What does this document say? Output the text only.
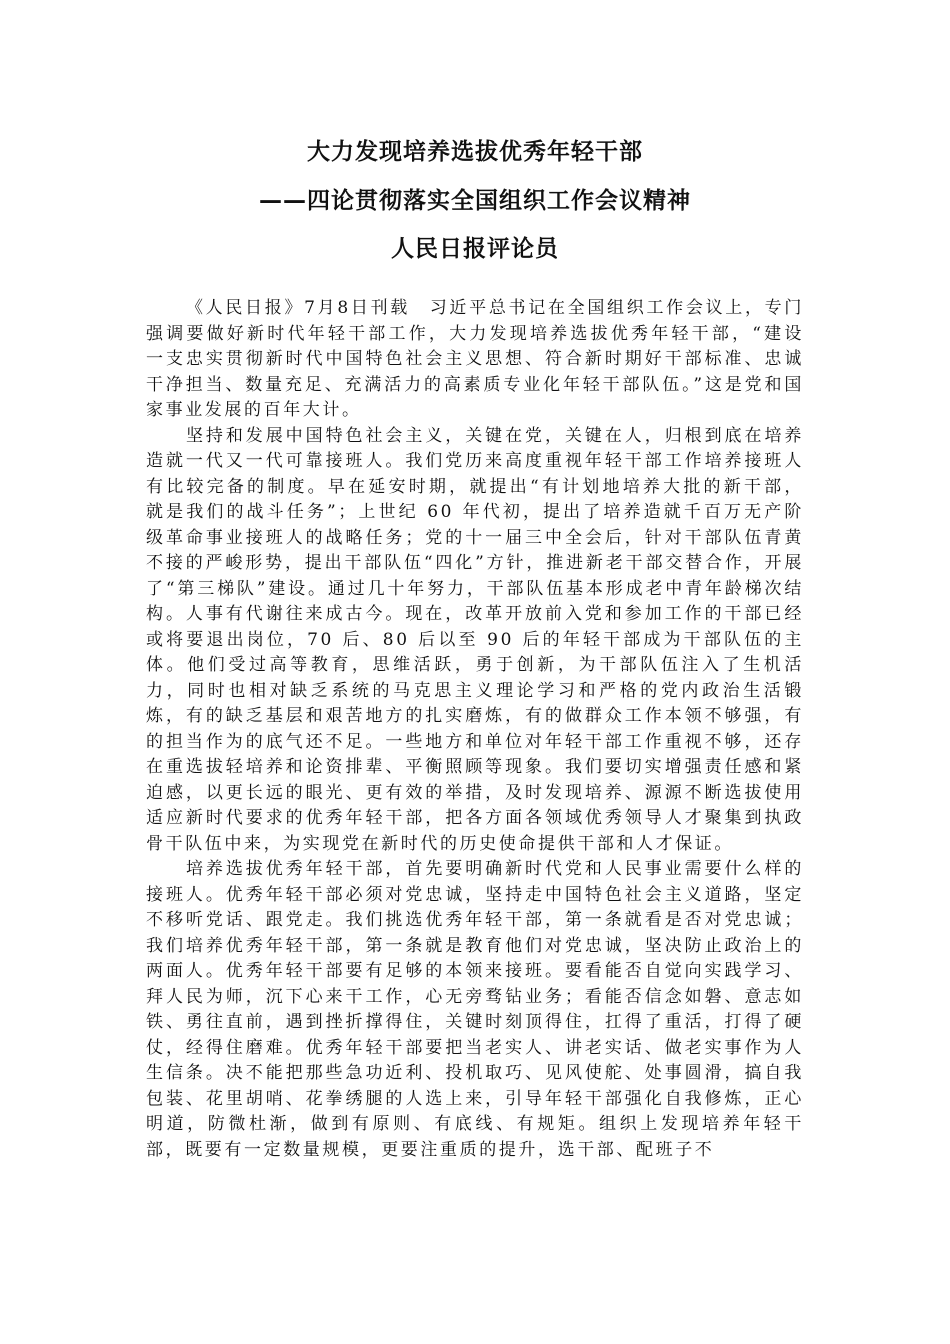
大力发现培养选拔优秀年轻干部
——四论贯彻落实全国组织工作会议精神
人民日报评论员

《人民日报》7月8日刊载　习近平总书记在全国组织工作会议上，专门强调要做好新时代年轻干部工作，大力发现培养选拔优秀年轻干部，“建设一支忠实贯彻新时代中国特色社会主义思想、符合新时期好干部标准、忠诚干净担当、数量充足、充满活力的高素质专业化年轻干部队伍。”这是党和国家事业发展的百年大计。

坚持和发展中国特色社会主义，关键在党，关键在人，归根到底在培养造就一代又一代可靠接班人。我们党历来高度重视年轻干部工作培养接班人有比较完备的制度。早在延安时期，就提出“有计划地培养大批的新干部，就是我们的战斗任务”；上世纪 60 年代初，提出了培养造就千百万无产阶级革命事业接班人的战略任务；党的十一届三中全会后，针对干部队伍青黄不接的严峻形势，提出干部队伍“四化”方针，推进新老干部交替合作，开展了“第三梯队”建设。通过几十年努力，干部队伍基本形成老中青年龄梯次结构。人事有代谢往来成古今。现在，改革开放前入党和参加工作的干部已经或将要退出岗位，70 后、80 后以至 90 后的年轻干部成为干部队伍的主体。他们受过高等教育，思维活跃，勇于创新，为干部队伍注入了生机活力，同时也相对缺乏系统的马克思主义理论学习和严格的党内政治生活锻炼，有的缺乏基层和艰苦地方的扎实磨炼，有的做群众工作本领不够强，有的担当作为的底气还不足。一些地方和单位对年轻干部工作重视不够，还存在重选拔轻培养和论资排辈、平衡照顾等现象。我们要切实增强责任感和紧迫感，以更长远的眼光、更有效的举措，及时发现培养、源源不断选拔使用适应新时代要求的优秀年轻干部，把各方面各领域优秀领导人才聚集到执政骨干队伍中来，为实现党在新时代的历史使命提供干部和人才保证。

培养选拔优秀年轻干部，首先要明确新时代党和人民事业需要什么样的接班人。优秀年轻干部必须对党忠诚，坚持走中国特色社会主义道路，坚定不移听党话、跟党走。我们挑选优秀年轻干部，第一条就看是否对党忠诚；我们培养优秀年轻干部，第一条就是教育他们对党忠诚，坚决防止政治上的两面人。优秀年轻干部要有足够的本领来接班。要看能否自觉向实践学习、拜人民为师，沉下心来干工作，心无旁骛钻业务；看能否信念如磐、意志如铁、勇往直前，遇到挫折撑得住，关键时刻顶得住，扛得了重活，打得了硬仗，经得住磨难。优秀年轻干部要把当老实人、讲老实话、做老实事作为人生信条。决不能把那些急功近利、投机取巧、见风使舵、处事圆滑，搞自我包装、花里胡哨、花拳绣腿的人选上来，引导年轻干部强化自我修炼，正心明道，防微杜渐，做到有原则、有底线、有规矩。组织上发现培养年轻干部，既要有一定数量规模，更要注重质的提升，选干部、配班子不
